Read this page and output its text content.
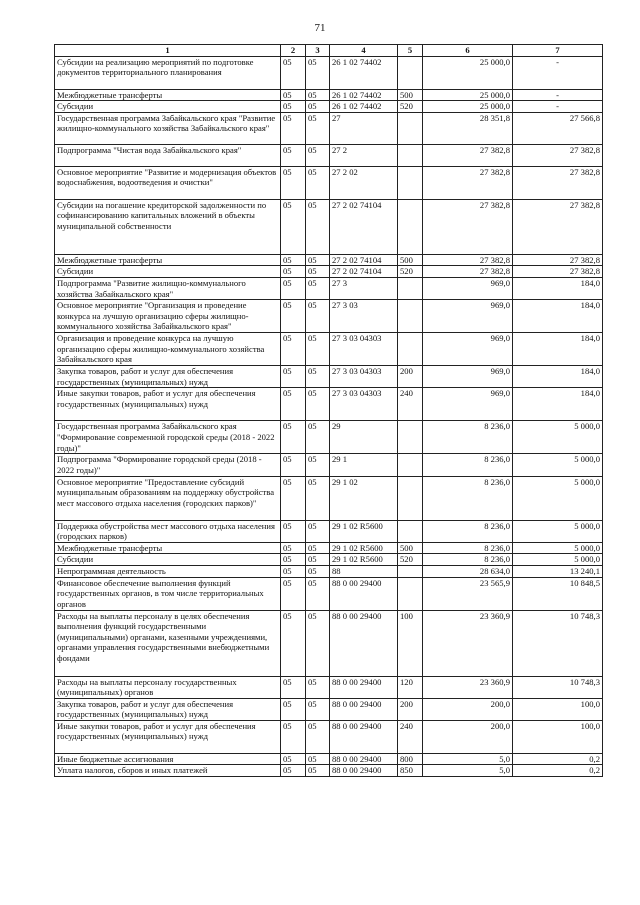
71
1	2	3	4	5	6	7
Субсидии на реализацию мероприятий по подготовке документов территориального планирования	05	05	26 1 02 74402		25 000,0	-
Межбюджетные трансферты	05	05	26 1 02 74402	500	25 000,0	-
Субсидии	05	05	26 1 02 74402	520	25 000,0	-
Государственная программа Забайкальского края "Развитие жилищно-коммунального хозяйства Забайкальского края"	05	05	27		28 351,8	27 566,8
Подпрограмма "Чистая вода Забайкальского края"	05	05	27 2		27 382,8	27 382,8
Основное мероприятие "Развитие и модернизация объектов водоснабжения, водоотведения и очистки"	05	05	27 2 02		27 382,8	27 382,8
Субсидии на погашение кредиторской задолженности по софинансированию капитальных вложений в объекты муниципальной собственности	05	05	27 2 02 74104		27 382,8	27 382,8
Межбюджетные трансферты	05	05	27 2 02 74104	500	27 382,8	27 382,8
Субсидии	05	05	27 2 02 74104	520	27 382,8	27 382,8
Подпрограмма "Развитие жилищно-коммунального хозяйства Забайкальского края"	05	05	27 3		969,0	184,0
Основное мероприятие "Организация и проведение конкурса на лучшую организацию сферы жилищно-коммунального хозяйства Забайкальского края"	05	05	27 3 03		969,0	184,0
Организация и проведение конкурса на лучшую организацию сферы жилищно-коммунального хозяйства Забайкальского края	05	05	27 3 03 04303		969,0	184,0
Закупка товаров, работ и услуг для обеспечения государственных (муниципальных) нужд	05	05	27 3 03 04303	200	969,0	184,0
Иные закупки товаров, работ и услуг для обеспечения государственных (муниципальных) нужд	05	05	27 3 03 04303	240	969,0	184,0
Государственная программа Забайкальского края "Формирование современной городской среды (2018 - 2022 годы)"	05	05	29		8 236,0	5 000,0
Подпрограмма "Формирование городской среды (2018 - 2022 годы)"	05	05	29 1		8 236,0	5 000,0
Основное мероприятие "Предоставление субсидий муниципальным образованиям на поддержку обустройства мест массового отдыха населения (городских парков)"	05	05	29 1 02		8 236,0	5 000,0
Поддержка обустройства мест массового отдыха населения (городских парков)	05	05	29 1 02 R5600		8 236,0	5 000,0
Межбюджетные трансферты	05	05	29 1 02 R5600	500	8 236,0	5 000,0
Субсидии	05	05	29 1 02 R5600	520	8 236,0	5 000,0
Непрограммная деятельность	05	05	88		28 634,0	13 240,1
Финансовое обеспечение выполнения функций государственных органов, в том числе территориальных органов	05	05	88 0 00 29400		23 565,9	10 848,5
Расходы на выплаты персоналу в целях обеспечения выполнения функций государственными (муниципальными) органами, казенными учреждениями, органами управления государственными внебюджетными фондами	05	05	88 0 00 29400	100	23 360,9	10 748,3
Расходы на выплаты персоналу государственных (муниципальных) органов	05	05	88 0 00 29400	120	23 360,9	10 748,3
Закупка товаров, работ и услуг для обеспечения государственных (муниципальных) нужд	05	05	88 0 00 29400	200	200,0	100,0
Иные закупки товаров, работ и услуг для обеспечения государственных (муниципальных) нужд	05	05	88 0 00 29400	240	200,0	100,0
Иные бюджетные ассигнования	05	05	88 0 00 29400	800	5,0	0,2
Уплата налогов, сборов и иных платежей	05	05	88 0 00 29400	850	5,0	0,2
